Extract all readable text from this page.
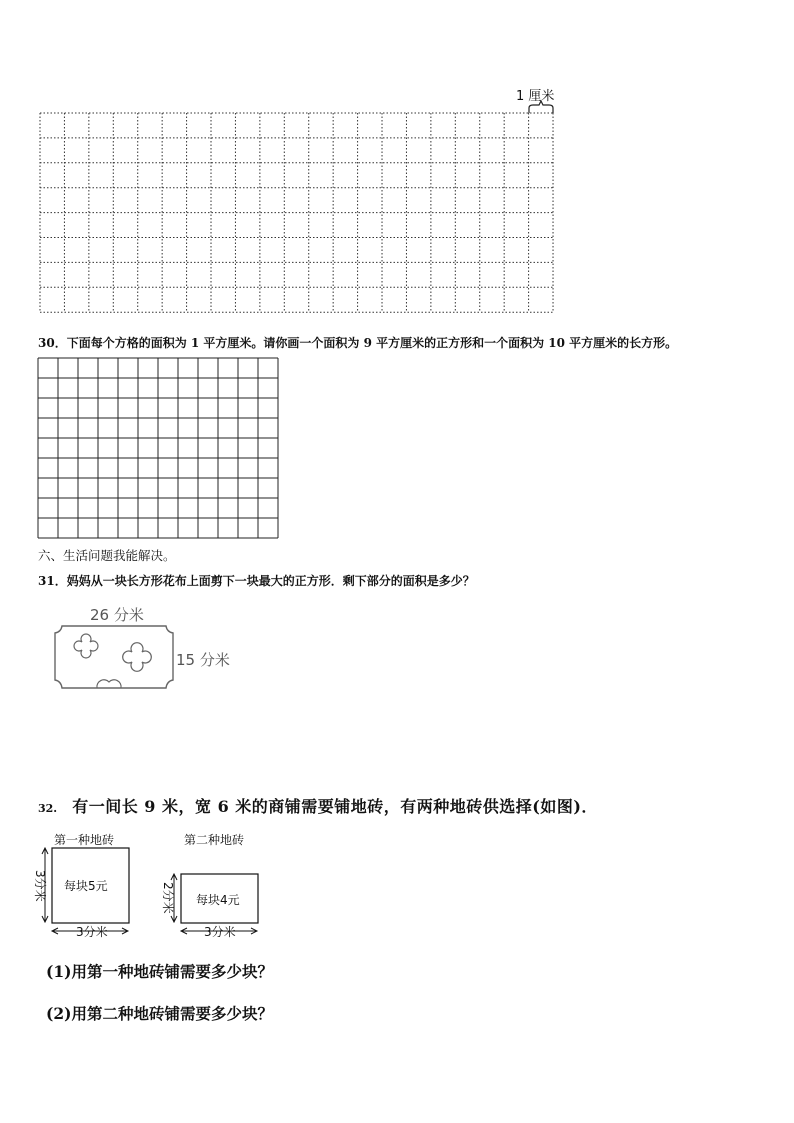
1 厘米
30．下面每个方格的面积为 1 平方厘米。请你画一个面积为 9 平方厘米的正方形和一个面积为 10 平方厘米的长方形。
六、生活问题我能解决。
31．妈妈从一块长方形花布上面剪下一块最大的正方形．剩下部分的面积是多少？
26 分米
15 分米
32. 有一间长 9 米，宽 6 米的商铺需要铺地砖，有两种地砖供选择(如图)．
第一种地砖
每块5元
3分米
3分米
第二种地砖
每块4元
2分米
3分米
(1)用第一种地砖铺需要多少块？
(2)用第二种地砖铺需要多少块？
